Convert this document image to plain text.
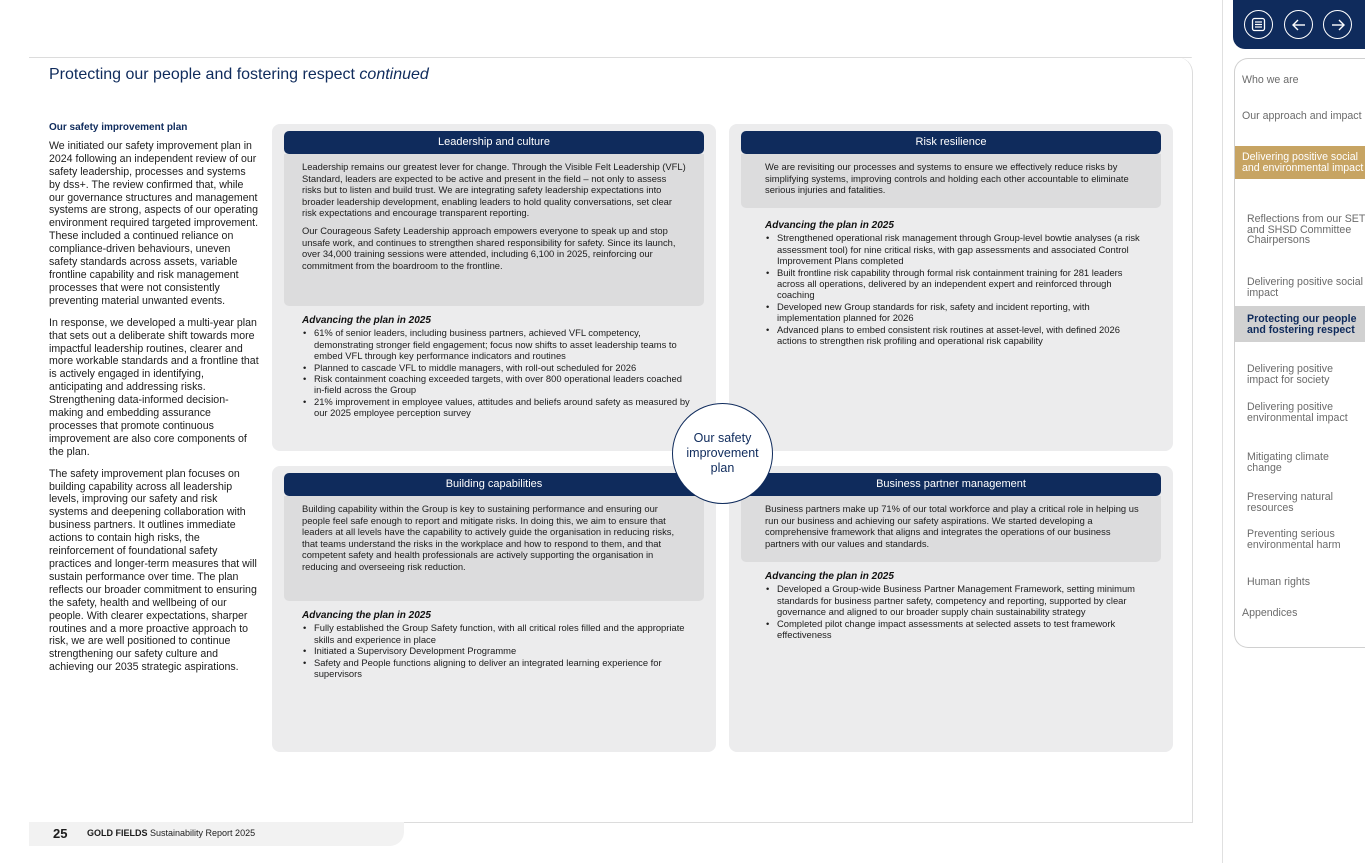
Protecting our people and fostering respect continued
Our safety improvement plan

We initiated our safety improvement plan in 2024 following an independent review of our safety leadership, processes and systems by dss+. The review confirmed that, while our governance structures and management systems are strong, aspects of our operating environment required targeted improvement. These included a continued reliance on compliance-driven behaviours, uneven safety standards across assets, variable frontline capability and risk management processes that were not consistently preventing material unwanted events.

In response, we developed a multi-year plan that sets out a deliberate shift towards more impactful leadership routines, clearer and more workable standards and a frontline that is actively engaged in identifying, anticipating and addressing risks. Strengthening data-informed decision-making and embedding assurance processes that promote continuous improvement are also core components of the plan.

The safety improvement plan focuses on building capability across all leadership levels, improving our safety and risk systems and deepening collaboration with business partners. It outlines immediate actions to contain high risks, the reinforcement of foundational safety practices and longer-term measures that will sustain performance over time. The plan reflects our broader commitment to ensuring the safety, health and wellbeing of our people. With clearer expectations, sharper routines and a more proactive approach to risk, we are well positioned to continue strengthening our safety culture and achieving our 2035 strategic aspirations.

Leadership and culture

Leadership remains our greatest lever for change. Through the Visible Felt Leadership (VFL) Standard, leaders are expected to be active and present in the field – not only to assess risks but to listen and build trust. We are integrating safety leadership expectations into broader leadership development, enabling leaders to hold quality conversations, set clear risk expectations and encourage transparent reporting.

Our Courageous Safety Leadership approach empowers everyone to speak up and stop unsafe work, and continues to strengthen shared responsibility for safety. Since its launch, over 34,000 training sessions were attended, including 6,100 in 2025, reinforcing our commitment from the boardroom to the frontline.

Advancing the plan in 2025
• 61% of senior leaders, including business partners, achieved VFL competency, demonstrating stronger field engagement; focus now shifts to asset leadership teams to embed VFL through key performance indicators and routines
• Planned to cascade VFL to middle managers, with roll-out scheduled for 2026
• Risk containment coaching exceeded targets, with over 800 operational leaders coached in-field across the Group
• 21% improvement in employee values, attitudes and beliefs around safety as measured by our 2025 employee perception survey
Risk resilience

We are revisiting our processes and systems to ensure we effectively reduce risks by simplifying systems, improving controls and holding each other accountable to eliminate serious injuries and fatalities.

Advancing the plan in 2025
• Strengthened operational risk management through Group-level bowtie analyses (a risk assessment tool) for nine critical risks, with gap assessments and associated Control Improvement Plans completed
• Built frontline risk capability through formal risk containment training for 281 leaders across all operations, delivered by an independent expert and reinforced through coaching
• Developed new Group standards for risk, safety and incident reporting, with implementation planned for 2026
• Advanced plans to embed consistent risk routines at asset-level, with defined 2026 actions to strengthen risk profiling and operational risk capability
Building capabilities

Building capability within the Group is key to sustaining performance and ensuring our people feel safe enough to report and mitigate risks. In doing this, we aim to ensure that leaders at all levels have the capability to actively guide the organisation in reducing risks, that teams understand the risks in the workplace and how to respond to them, and that competent safety and health professionals are actively supporting the organisation in reducing and overseeing risk reduction.

Advancing the plan in 2025
• Fully established the Group Safety function, with all critical roles filled and the appropriate skills and experience in place
• Initiated a Supervisory Development Programme
• Safety and People functions aligning to deliver an integrated learning experience for supervisors
Business partner management

Business partners make up 71% of our total workforce and play a critical role in helping us run our business and achieving our safety aspirations. We started developing a comprehensive framework that aligns and integrates the operations of our business partners with our values and standards.

Advancing the plan in 2025
• Developed a Group-wide Business Partner Management Framework, setting minimum standards for business partner safety, competency and reporting, supported by clear governance and aligned to our broader supply chain sustainability strategy
• Completed pilot change impact assessments at selected assets to test framework effectiveness
Our safety improvement plan
25 GOLD FIELDS Sustainability Report 2025
Who we are
Our approach and impact
Delivering positive social and environmental impact
Reflections from our SET and SHSD Committee Chairpersons
Delivering positive social impact
Protecting our people and fostering respect
Delivering positive impact for society
Delivering positive environmental impact
Mitigating climate change
Preserving natural resources
Preventing serious environmental harm
Human rights
Appendices
